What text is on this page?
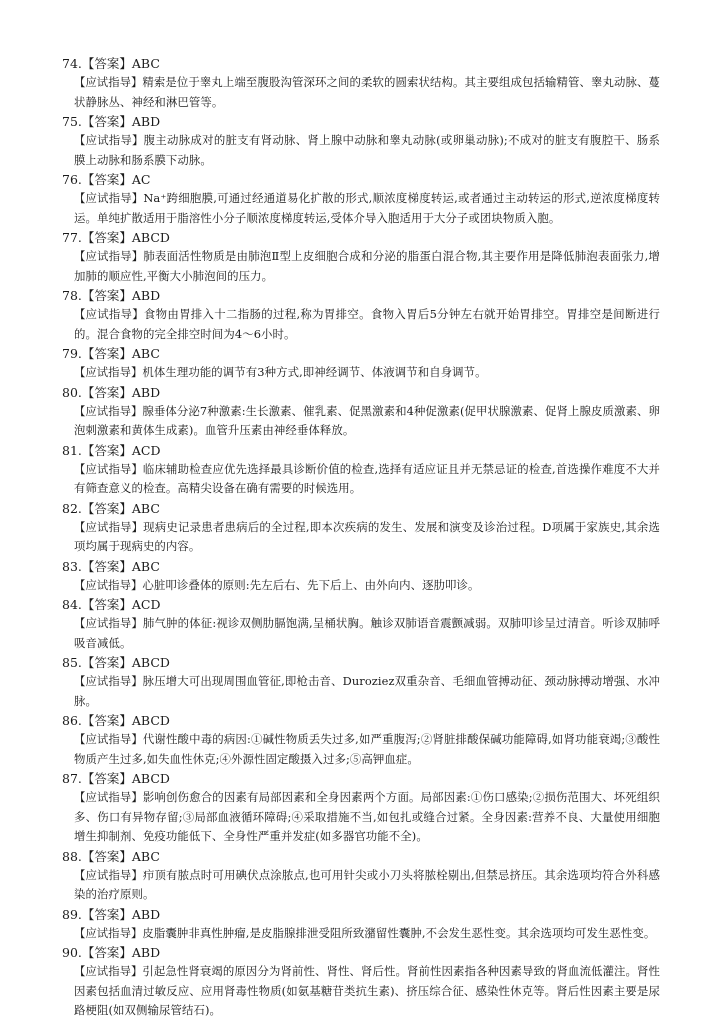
74.【答案】ABC
【应试指导】精索是位于睾丸上端至腹股沟管深环之间的柔软的圆索状结构。其主要组成包括输精管、睾丸动脉、蔓状静脉丛、神经和淋巴管等。
75.【答案】ABD
【应试指导】腹主动脉成对的脏支有肾动脉、肾上腺中动脉和睾丸动脉(或卵巢动脉);不成对的脏支有腹腔干、肠系膜上动脉和肠系膜下动脉。
76.【答案】AC
【应试指导】Na⁺跨细胞膜,可通过经通道易化扩散的形式,顺浓度梯度转运,或者通过主动转运的形式,逆浓度梯度转运。单纯扩散适用于脂溶性小分子顺浓度梯度转运,受体介导入胞适用于大分子或团块物质入胞。
77.【答案】ABCD
【应试指导】肺表面活性物质是由肺泡Ⅱ型上皮细胞合成和分泌的脂蛋白混合物,其主要作用是降低肺泡表面张力,增加肺的顺应性,平衡大小肺泡间的压力。
78.【答案】ABD
【应试指导】食物由胃排入十二指肠的过程,称为胃排空。食物入胃后5分钟左右就开始胃排空。胃排空是间断进行的。混合食物的完全排空时间为4～6小时。
79.【答案】ABC
【应试指导】机体生理功能的调节有3种方式,即神经调节、体液调节和自身调节。
80.【答案】ABD
【应试指导】腺垂体分泌7种激素:生长激素、催乳素、促黑激素和4种促激素(促甲状腺激素、促肾上腺皮质激素、卵泡刺激素和黄体生成素)。血管升压素由神经垂体释放。
81.【答案】ACD
【应试指导】临床辅助检查应优先选择最具诊断价值的检查,选择有适应证且并无禁忌证的检查,首选操作难度不大并有筛查意义的检查。高精尖设备在确有需要的时候选用。
82.【答案】ABC
【应试指导】现病史记录患者患病后的全过程,即本次疾病的发生、发展和演变及诊治过程。D项属于家族史,其余选项均属于现病史的内容。
83.【答案】ABC
【应试指导】心脏叩诊叠体的原则:先左后右、先下后上、由外向内、逐肋叩诊。
84.【答案】ACD
【应试指导】肺气肿的体征:视诊双侧肋膈饱满,呈桶状胸。触诊双肺语音震颤减弱。双肺叩诊呈过清音。听诊双肺呼吸音减低。
85.【答案】ABCD
【应试指导】脉压增大可出现周围血管征,即枪击音、Duroziez双重杂音、毛细血管搏动征、颈动脉搏动增强、水冲脉。
86.【答案】ABCD
【应试指导】代谢性酸中毒的病因:①碱性物质丢失过多,如严重腹泻;②肾脏排酸保碱功能障碍,如肾功能衰竭;③酸性物质产生过多,如失血性休克;④外源性固定酸摄入过多;⑤高钾血症。
87.【答案】ABCD
【应试指导】影响创伤愈合的因素有局部因素和全身因素两个方面。局部因素:①伤口感染;②损伤范围大、坏死组织多、伤口有异物存留;③局部血液循环障碍;④采取措施不当,如包扎或缝合过紧。全身因素:营养不良、大量使用细胞增生抑制剂、免疫功能低下、全身性严重并发症(如多器官功能不全)。
88.【答案】ABC
【应试指导】疖顶有脓点时可用碘伏点涂脓点,也可用针尖或小刀头将脓栓剔出,但禁忌挤压。其余选项均符合外科感染的治疗原则。
89.【答案】ABD
【应试指导】皮脂囊肿非真性肿瘤,是皮脂腺排泄受阻所致潴留性囊肿,不会发生恶性变。其余选项均可发生恶性变。
90.【答案】ABD
【应试指导】引起急性肾衰竭的原因分为肾前性、肾性、肾后性。肾前性因素指各种因素导致的肾血流低灌注。肾性因素包括血清过敏反应、应用肾毒性物质(如氨基糖苷类抗生素)、挤压综合征、感染性休克等。肾后性因素主要是尿路梗阻(如双侧输尿管结石)。
